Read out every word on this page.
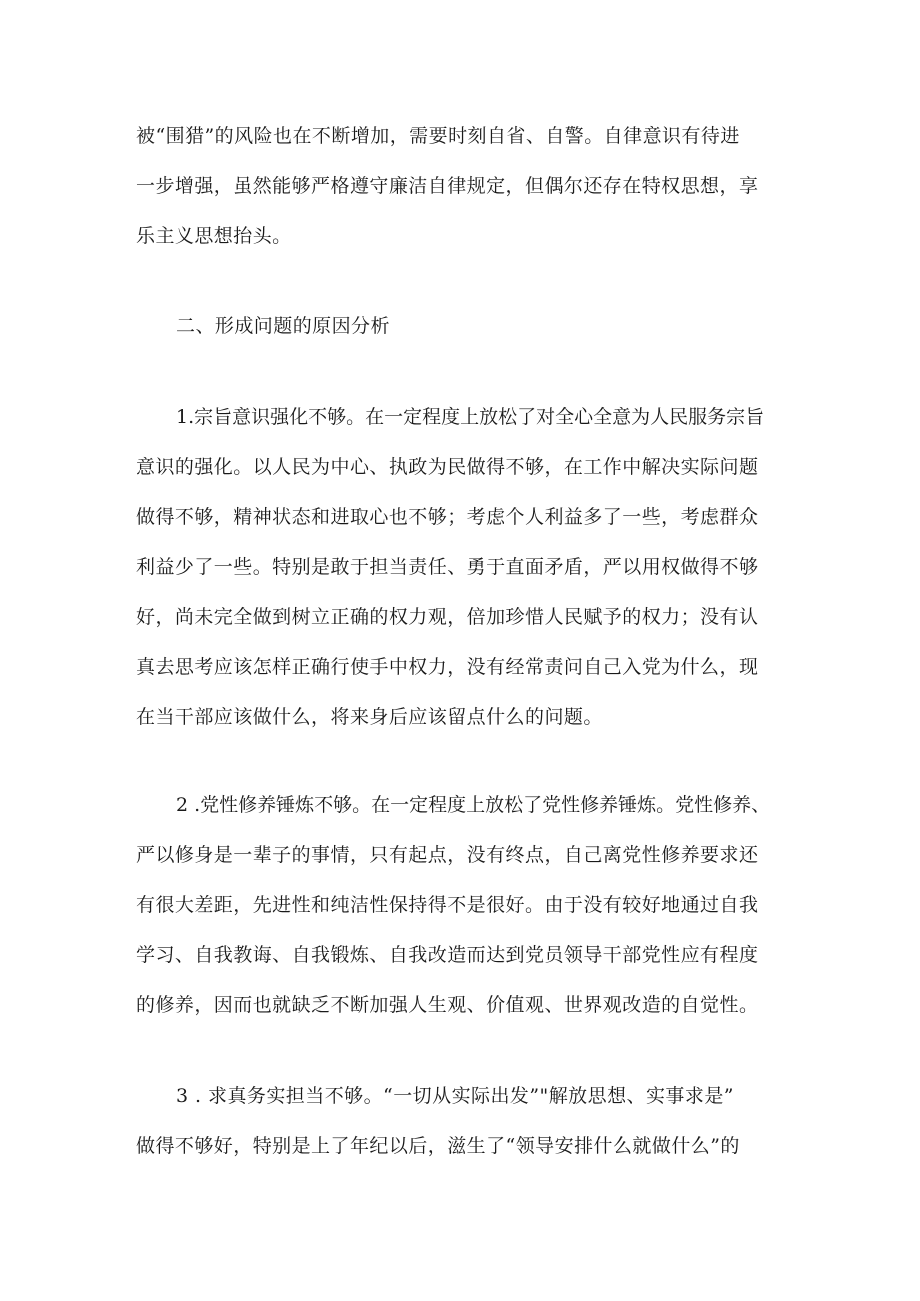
被“围猎”的风险也在不断增加，需要时刻自省、自警。自律意识有待进
一步增强，虽然能够严格遵守廉洁自律规定，但偶尔还存在特权思想，享
乐主义思想抬头。
二、形成问题的原因分析
1.宗旨意识强化不够。在一定程度上放松了对全心全意为人民服务宗旨
意识的强化。以人民为中心、执政为民做得不够，在工作中解决实际问题
做得不够，精神状态和进取心也不够；考虑个人利益多了一些，考虑群众
利益少了一些。特别是敢于担当责任、勇于直面矛盾，严以用权做得不够
好，尚未完全做到树立正确的权力观，倍加珍惜人民赋予的权力；没有认
真去思考应该怎样正确行使手中权力，没有经常责问自己入党为什么，现
在当干部应该做什么，将来身后应该留点什么的问题。
2 .党性修养锤炼不够。在一定程度上放松了党性修养锤炼。党性修养、
严以修身是一辈子的事情，只有起点，没有终点，自己离党性修养要求还
有很大差距，先进性和纯洁性保持得不是很好。由于没有较好地通过自我
学习、自我教诲、自我锻炼、自我改造而达到党员领导干部党性应有程度
的修养，因而也就缺乏不断加强人生观、价值观、世界观改造的自觉性。
3 . 求真务实担当不够。“一切从实际出发”"解放思想、实事求是”
做得不够好，特别是上了年纪以后，滋生了“领导安排什么就做什么”的
